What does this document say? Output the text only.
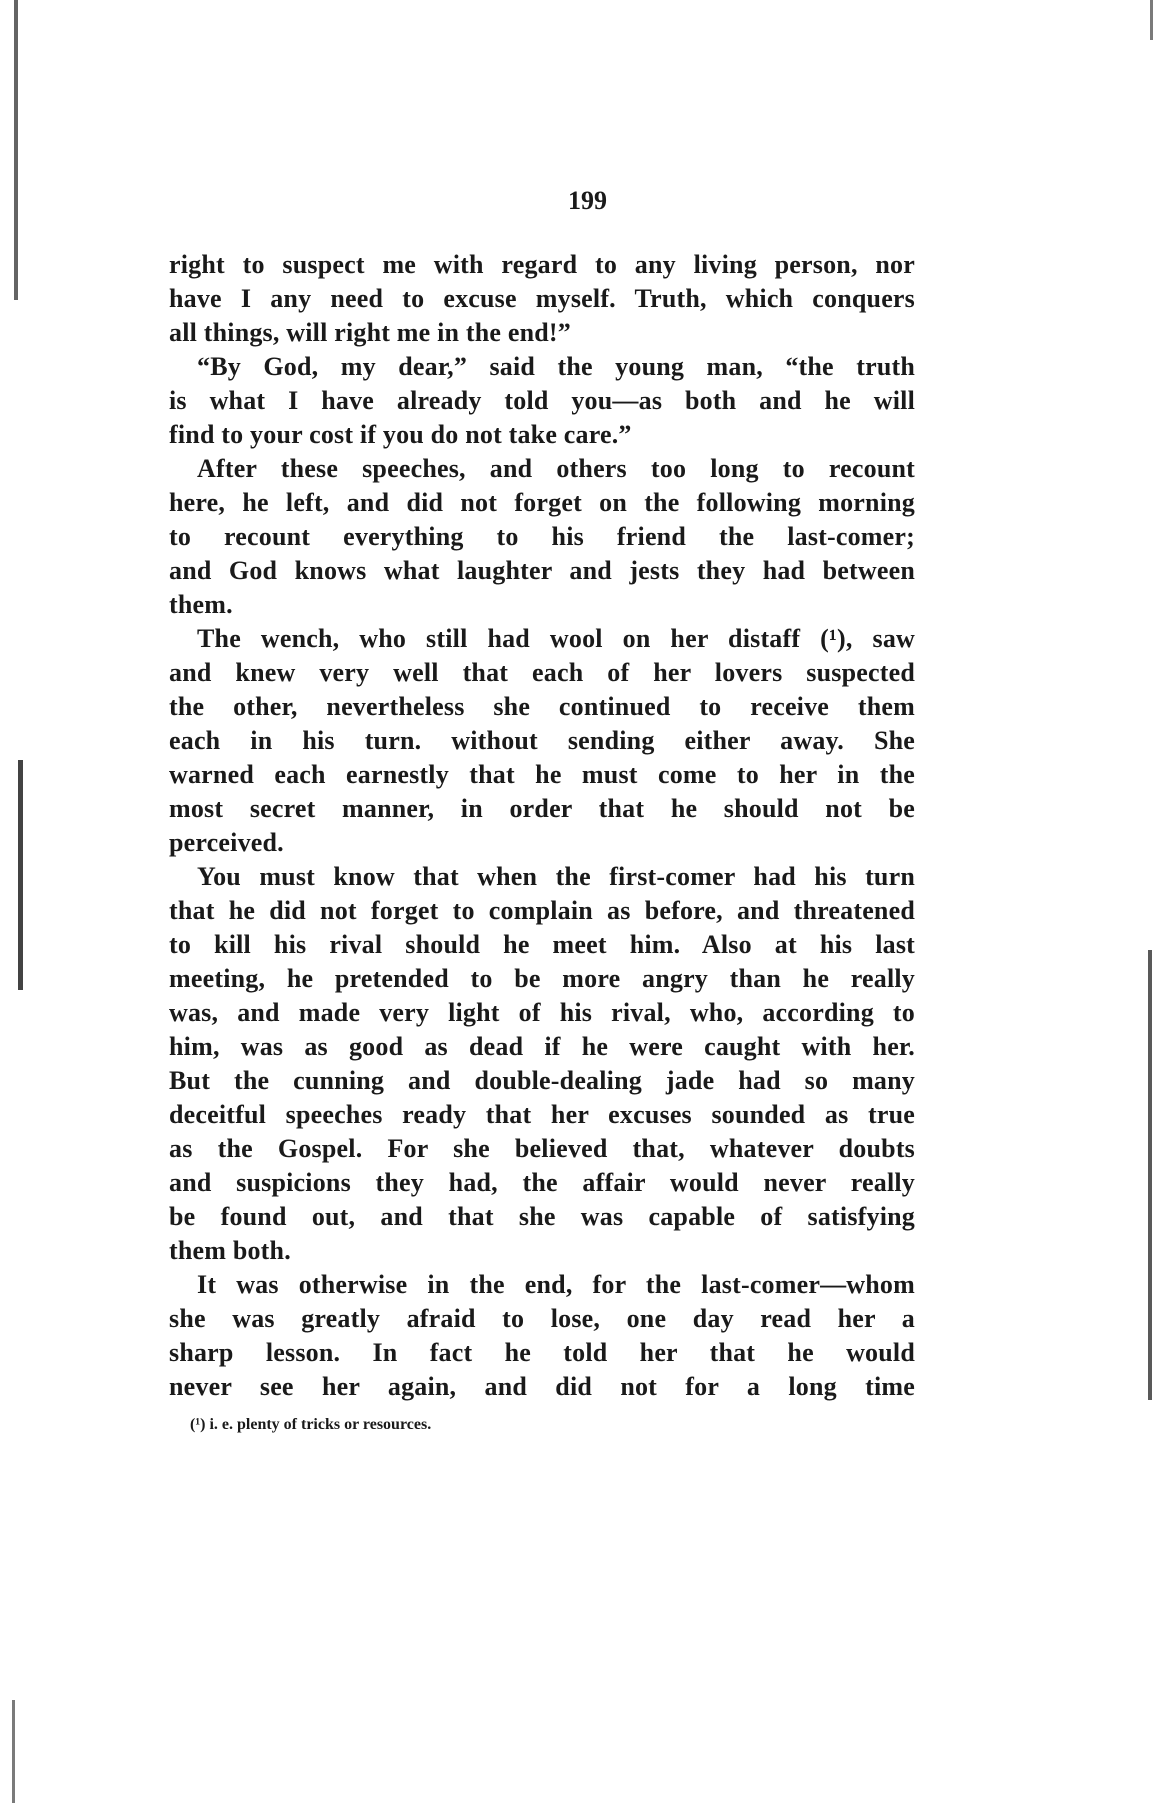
199
right to suspect me with regard to any living person, nor
have I any need to excuse myself. Truth, which conquers
all things, will right me in the end!”
“By God, my dear,” said the young man, “the truth
is what I have already told you—as both and he will
find to your cost if you do not take care.”
After these speeches, and others too long to recount
here, he left, and did not forget on the following morning
to recount everything to his friend the last-comer;
and God knows what laughter and jests they had between
them.
The wench, who still had wool on her distaff (¹), saw
and knew very well that each of her lovers suspected
the other, nevertheless she continued to receive them
each in his turn. without sending either away. She
warned each earnestly that he must come to her in the
most secret manner, in order that he should not be
perceived.
You must know that when the first-comer had his turn
that he did not forget to complain as before, and threatened
to kill his rival should he meet him. Also at his last
meeting, he pretended to be more angry than he really
was, and made very light of his rival, who, according to
him, was as good as dead if he were caught with her.
But the cunning and double-dealing jade had so many
deceitful speeches ready that her excuses sounded as true
as the Gospel. For she believed that, whatever doubts
and suspicions they had, the affair would never really
be found out, and that she was capable of satisfying
them both.
It was otherwise in the end, for the last-comer—whom
she was greatly afraid to lose, one day read her a
sharp lesson. In fact he told her that he would
never see her again, and did not for a long time
(¹) i. e. plenty of tricks or resources.
